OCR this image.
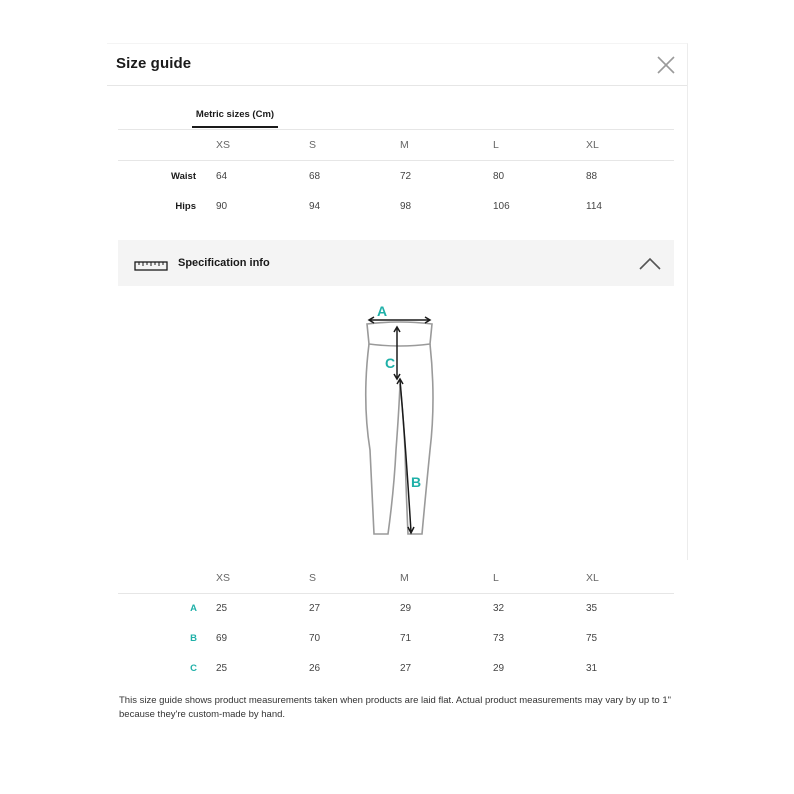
Size guide
Metric sizes (Cm)
XS	S	M	L	XL
Waist 64	68	72	80	88
Hips 90	94	98	106	114
Specification info
A
C
B
XS	S	M	L	XL
A 25	27	29	32	35
B 69	70	71	73	75
C 25	26	27	29	31
This size guide shows product measurements taken when products are laid flat. Actual product measurements may vary by up to 1" because they're custom-made by hand.
